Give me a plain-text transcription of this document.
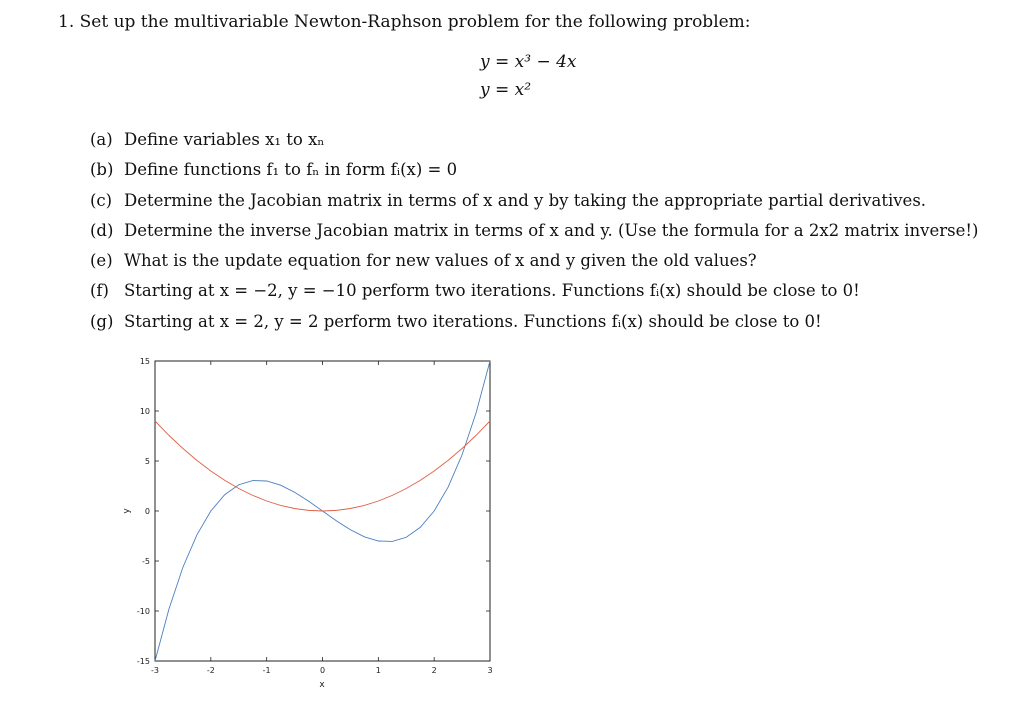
1. Set up the multivariable Newton-Raphson problem for the following problem:
y = x³ − 4x
y = x²
(a) Define variables x₁ to xₙ
(b) Define functions f₁ to fₙ in form fᵢ(x) = 0
(c) Determine the Jacobian matrix in terms of x and y by taking the appropriate partial derivatives.
(d) Determine the inverse Jacobian matrix in terms of x and y. (Use the formula for a 2x2 matrix inverse!)
(e) What is the update equation for new values of x and y given the old values?
(f) Starting at x = −2, y = −10 perform two iterations. Functions fᵢ(x) should be close to 0!
(g) Starting at x = 2, y = 2 perform two iterations. Functions fᵢ(x) should be close to 0!
-3	-2	-1	0	1	2	3
15
10
5
0
-5
-10
-15
x
y
